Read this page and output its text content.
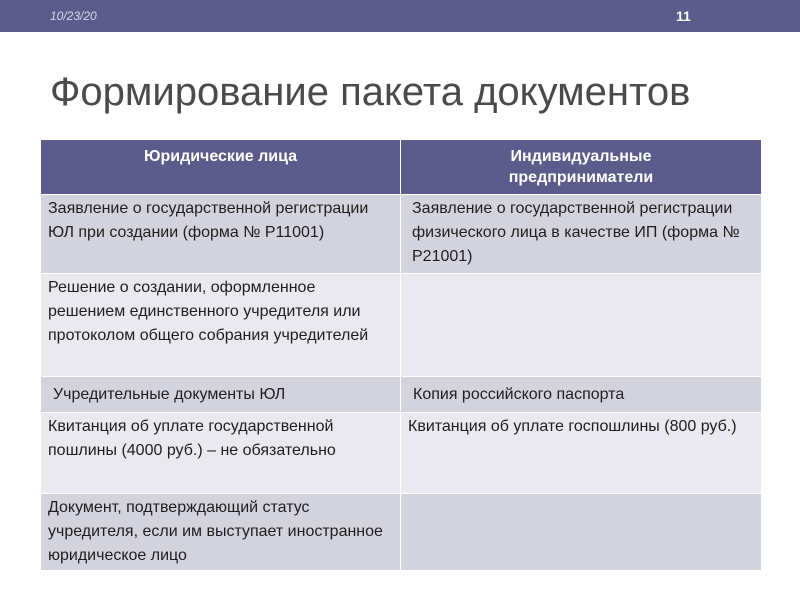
10/23/20	11
Формирование пакета документов
Юридические лица	Индивидуальные
предприниматели
Заявление о государственной регистрации ЮЛ при создании (форма № Р11001)	Заявление о государственной регистрации физического лица в качестве ИП (форма № Р21001)
Решение о создании, оформленное решением единственного учредителя или протоколом общего собрания учредителей	
Учредительные документы ЮЛ	Копия российского паспорта
Квитанция об уплате государственной пошлины (4000 руб.) – не обязательно	Квитанция об уплате госпошлины (800 руб.)
Документ, подтверждающий статус учредителя, если им выступает иностранное юридическое лицо	
